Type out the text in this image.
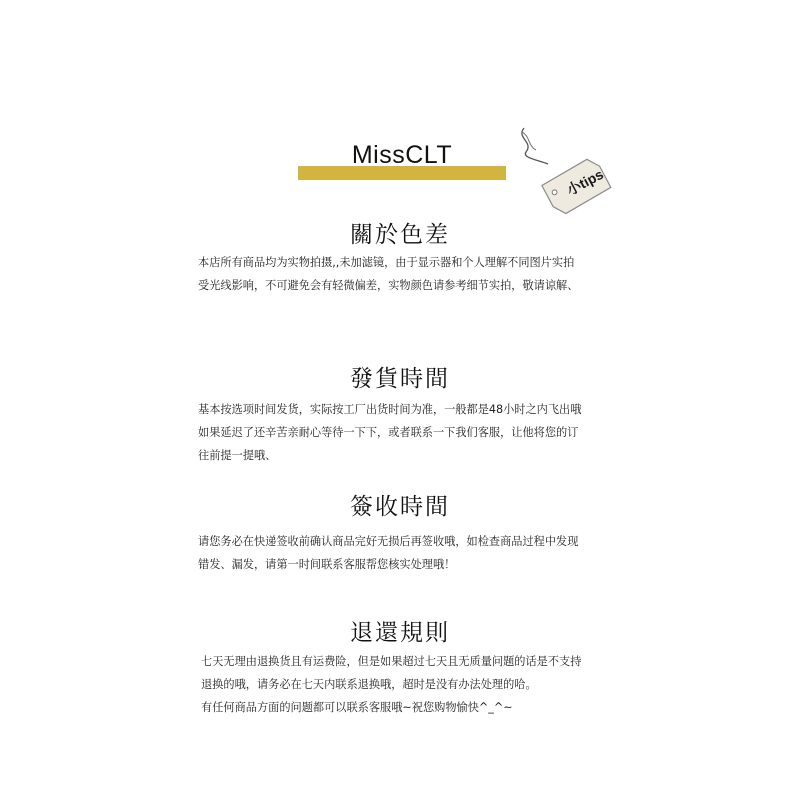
MissCLT
小tips
關於色差
本店所有商品均为实物拍摄,,未加滤镜，由于显示器和个人理解不同图片实拍
受光线影响，不可避免会有轻微偏差，实物颜色请参考细节实拍，敬请谅解、
發貨時間
基本按选项时间发货，实际按工厂出货时间为准，一般都是48小时之内飞出哦
如果延迟了还辛苦亲耐心等待一下下，或者联系一下我们客服，让他将您的订
往前提一提哦、
簽收時間
请您务必在快递签收前确认商品完好无损后再签收哦，如检查商品过程中发现
错发、漏发，请第一时间联系客服帮您核实处理哦！
退還規則
七天无理由退换货且有运费险，但是如果超过七天且无质量问题的话是不支持
退换的哦，请务必在七天内联系退换哦，超时是没有办法处理的哈。
有任何商品方面的问题都可以联系客服哦~祝您购物愉快^_^~
